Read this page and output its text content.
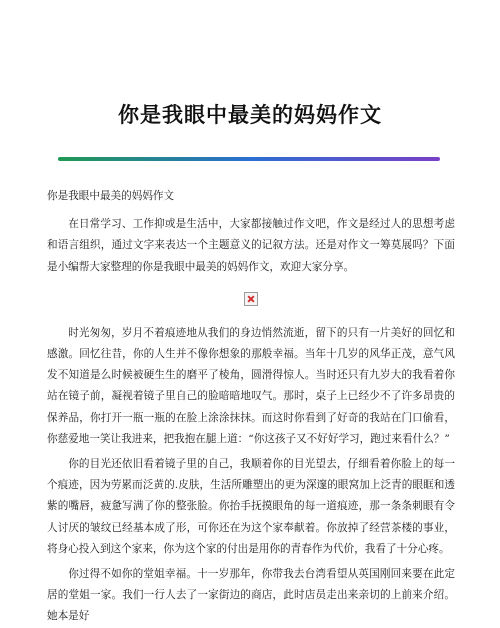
你是我眼中最美的妈妈作文

你是我眼中最美的妈妈作文

在日常学习、工作抑或是生活中，大家都接触过作文吧，作文是经过人的思想考虑和语言组织，通过文字来表达一个主题意义的记叙方法。还是对作文一筹莫展吗？下面是小编帮大家整理的你是我眼中最美的妈妈作文，欢迎大家分享。

时光匆匆，岁月不着痕迹地从我们的身边悄然流逝，留下的只有一片美好的回忆和感激。回忆往昔，你的人生并不像你想象的那般幸福。当年十几岁的风华正茂，意气风发不知道是么时候被硬生生的磨平了棱角，圆滑得惊人。当时还只有九岁大的我看着你站在镜子前，凝视着镜子里自己的脸暗暗地叹气。那时，桌子上已经少不了许多昂贵的保养品，你打开一瓶一瓶的在脸上涂涂抹抹。而这时你看到了好奇的我站在门口偷看，你慈爱地一笑让我进来，把我抱在腿上道：“你这孩子又不好好学习，跑过来看什么？”

你的目光还依旧看着镜子里的自己，我顺着你的目光望去，仔细看着你脸上的每一个痕迹，因为劳累而泛黄的.皮肤，生活所雕塑出的更为深邃的眼窝加上泛青的眼眶和透紫的嘴唇，疲惫写满了你的整张脸。你抬手抚摸眼角的每一道痕迹，那一条条刺眼有令人讨厌的皱纹已经基本成了形，可你还在为这个家奉献着。你放掉了经营茶楼的事业，将身心投入到这个家来，你为这个家的付出是用你的青春作为代价，我看了十分心疼。

你过得不如你的堂姐幸福。十一岁那年，你带我去台湾看望从英国刚回来要在此定居的堂姐一家。我们一行人去了一家街边的商店，此时店员走出来亲切的上前来介绍。她本是好
